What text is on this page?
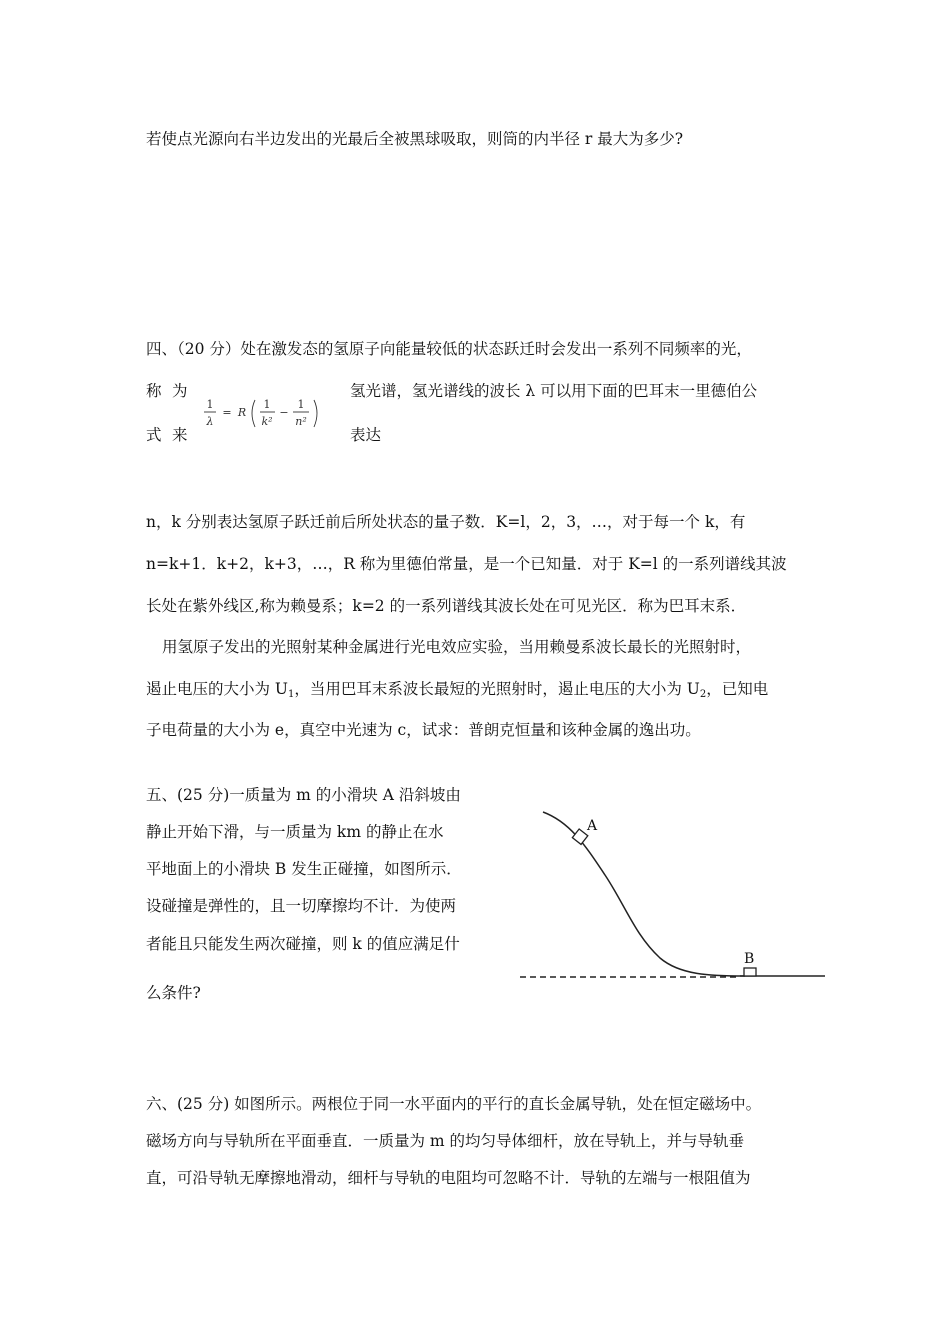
若使点光源向右半边发出的光最后全被黑球吸取，则筒的内半径 r 最大为多少?
四、（20 分）处在激发态的氢原子向能量较低的状态跃迁时会发出一系列不同频率的光，
称 为
式 来
氢光谱，氢光谱线的波长 λ 可以用下面的巴耳末一里德伯公
表达
1
λ
= R
1
k²
−
1
n²
n，k 分别表达氢原子跃迁前后所处状态的量子数．K=l，2，3，…，对于每一个 k，有
n=k+1．k+2，k+3，…，R 称为里德伯常量，是一个已知量．对于 K=l 的一系列谱线其波
长处在紫外线区,称为赖曼系；k=2 的一系列谱线其波长处在可见光区．称为巴耳末系．
用氢原子发出的光照射某种金属进行光电效应实验，当用赖曼系波长最长的光照射时，
遏止电压的大小为 $U_1$，当用巴耳末系波长最短的光照射时，遏止电压的大小为 $U_2$，已知电
子电荷量的大小为 e，真空中光速为 c，试求：普朗克恒量和该种金属的逸出功。
五、(25 分)一质量为 m 的小滑块 A 沿斜坡由
静止开始下滑，与一质量为 km 的静止在水
平地面上的小滑块 B 发生正碰撞，如图所示．
设碰撞是弹性的，且一切摩擦均不计．为使两
者能且只能发生两次碰撞，则 k 的值应满足什
么条件?
A
B
六、(25 分) 如图所示。两根位于同一水平面内的平行的直长金属导轨，处在恒定磁场中。
磁场方向与导轨所在平面垂直．一质量为 m 的均匀导体细杆，放在导轨上，并与导轨垂
直，可沿导轨无摩擦地滑动，细杆与导轨的电阻均可忽略不计．导轨的左端与一根阻值为
